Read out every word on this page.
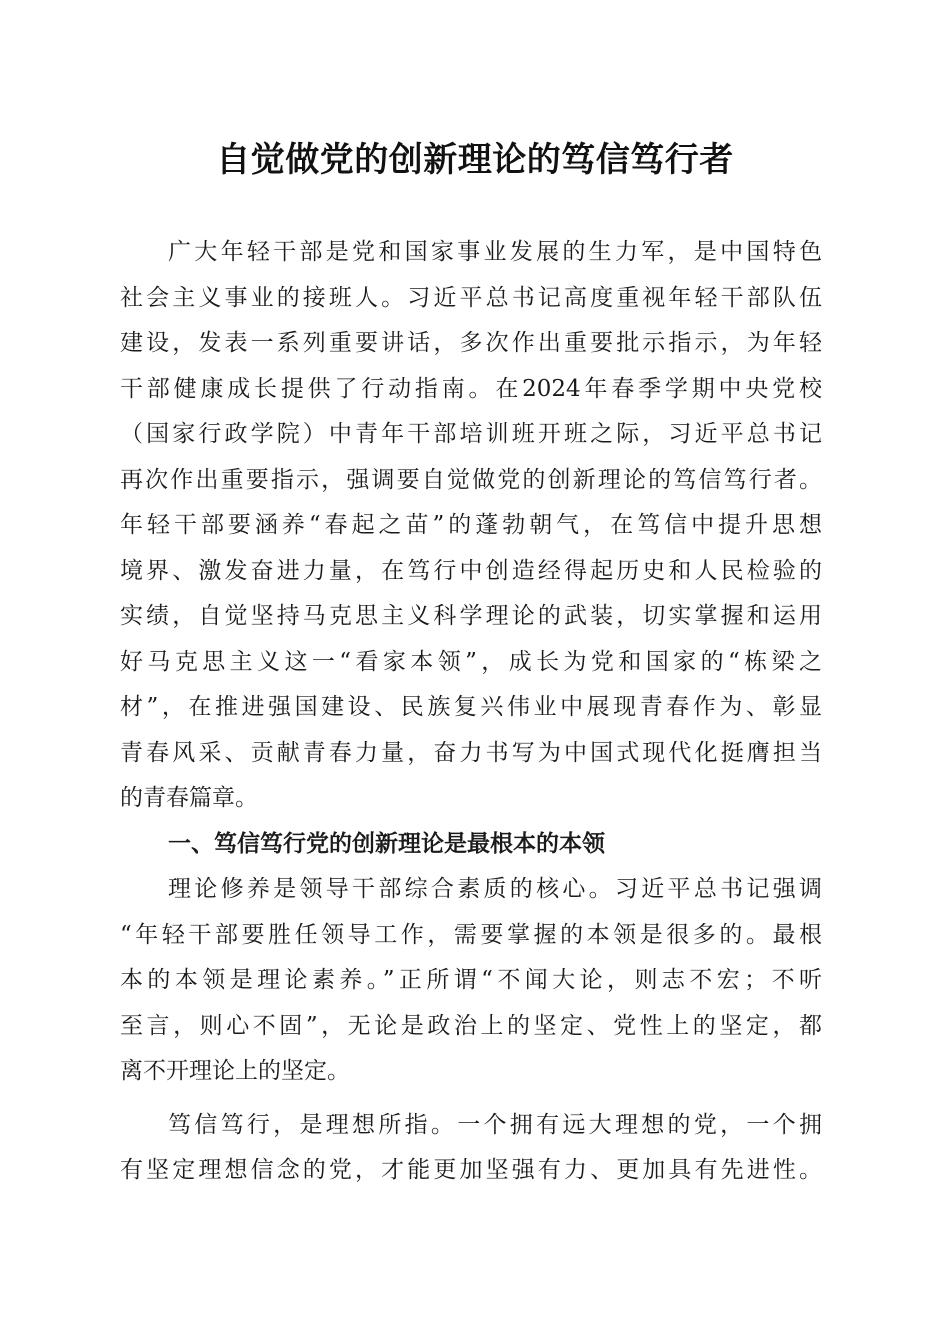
自觉做党的创新理论的笃信笃行者
广大年轻干部是党和国家事业发展的生力军，是中国特色
社会主义事业的接班人。习近平总书记高度重视年轻干部队伍
建设，发表一系列重要讲话，多次作出重要批示指示，为年轻
干部健康成长提供了行动指南。在2024年春季学期中央党校
（国家行政学院）中青年干部培训班开班之际，习近平总书记
再次作出重要指示，强调要自觉做党的创新理论的笃信笃行者。
年轻干部要涵养“春起之苗”的蓬勃朝气，在笃信中提升思想
境界、激发奋进力量，在笃行中创造经得起历史和人民检验的
实绩，自觉坚持马克思主义科学理论的武装，切实掌握和运用
好马克思主义这一“看家本领”，成长为党和国家的“栋梁之
材”，在推进强国建设、民族复兴伟业中展现青春作为、彰显
青春风采、贡献青春力量，奋力书写为中国式现代化挺膺担当
的青春篇章。
一、笃信笃行党的创新理论是最根本的本领
理论修养是领导干部综合素质的核心。习近平总书记强调
“年轻干部要胜任领导工作，需要掌握的本领是很多的。最根
本的本领是理论素养。”正所谓“不闻大论，则志不宏；不听
至言，则心不固”，无论是政治上的坚定、党性上的坚定，都
离不开理论上的坚定。
笃信笃行，是理想所指。一个拥有远大理想的党，一个拥
有坚定理想信念的党，才能更加坚强有力、更加具有先进性。
